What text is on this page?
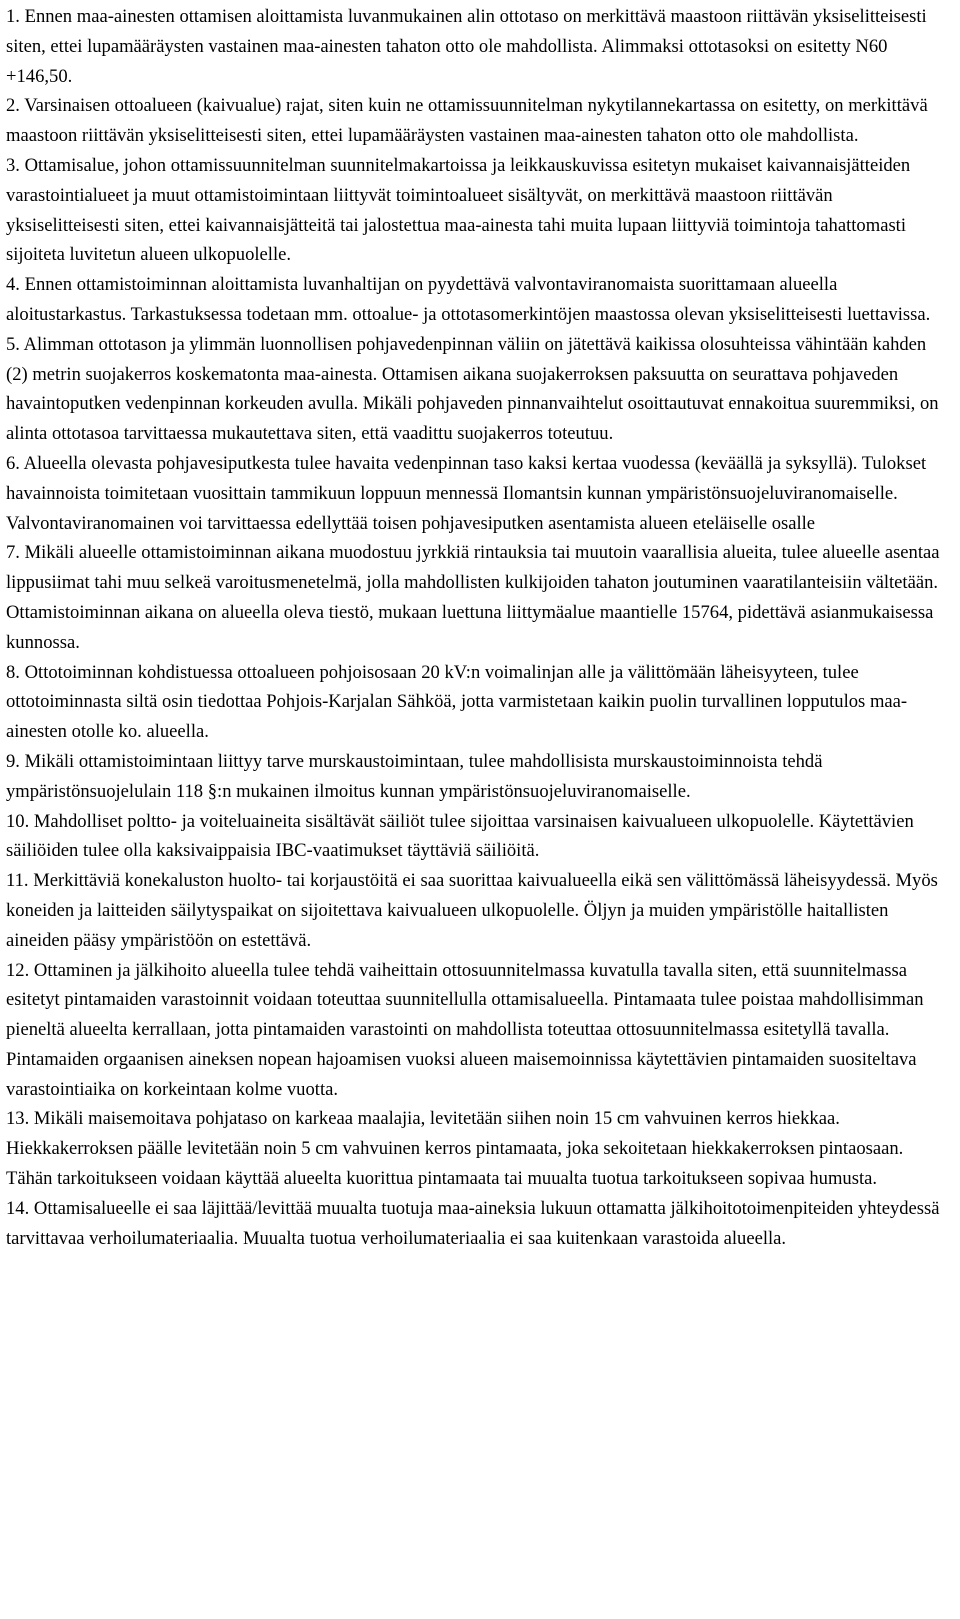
1. Ennen maa-ainesten ottamisen aloittamista luvanmukainen alin ottotaso on merkittävä maastoon riittävän yksiselitteisesti siten, ettei lupamääräysten vastainen maa-ainesten tahaton otto ole mahdollista. Alimmaksi ottotasoksi on esitetty N60 +146,50.

2. Varsinaisen ottoalueen (kaivualue) rajat, siten kuin ne ottamissuunnitelman nykytilannekartassa on esitetty, on merkittävä maastoon riittävän yksiselitteisesti siten, ettei lupamääräysten vastainen maa-ainesten tahaton otto ole mahdollista.

3. Ottamisalue, johon ottamissuunnitelman suunnitelmakartoissa ja leikkauskuvissa esitetyn mukaiset kaivannaisjätteiden varastointialueet ja muut ottamistoimintaan liittyvät toimintoalueet sisältyvät, on merkittävä maastoon riittävän yksiselitteisesti siten, ettei kaivannaisjätteitä tai jalostettua maa-ainesta tahi muita lupaan liittyviä toimintoja tahattomasti sijoiteta luvitetun alueen ulkopuolelle.

4. Ennen ottamistoiminnan aloittamista luvanhaltijan on pyydettävä valvontaviranomaista suorittamaan alueella aloitustarkastus. Tarkastuksessa todetaan mm. ottoalue- ja ottotasomerkintöjen maastossa olevan yksiselitteisesti luettavissa.

5. Alimman ottotason ja ylimmän luonnollisen pohjavedenpinnan väliin on jätettävä kaikissa olosuhteissa vähintään kahden (2) metrin suojakerros koskematonta maa-ainesta. Ottamisen aikana suojakerroksen paksuutta on seurattava pohjaveden havaintoputken vedenpinnan korkeuden avulla. Mikäli pohjaveden pinnanvaihtelut osoittautuvat ennakoitua suuremmiksi, on alinta ottotasoa tarvittaessa mukautettava siten, että vaadittu suojakerros toteutuu.

6. Alueella olevasta pohjavesiputkesta tulee havaita vedenpinnan taso kaksi kertaa vuodessa (keväällä ja syksyllä). Tulokset havainnoista toimitetaan vuosittain tammikuun loppuun mennessä Ilomantsin kunnan ympäristönsuojeluviranomaiselle. Valvontaviranomainen voi tarvittaessa edellyttää toisen pohjavesiputken asentamista alueen eteläiselle osalle

7. Mikäli alueelle ottamistoiminnan aikana muodostuu jyrkkiä rintauksia tai muutoin vaarallisia alueita, tulee alueelle asentaa lippusiimat tahi muu selkeä varoitusmenetelmä, jolla mahdollisten kulkijoiden tahaton joutuminen vaaratilanteisiin vältetään. Ottamistoiminnan aikana on alueella oleva tiestö, mukaan luettuna liittymäalue maantielle 15764, pidettävä asianmukaisessa kunnossa.

8. Ottotoiminnan kohdistuessa ottoalueen pohjoisosaan 20 kV:n voimalinjan alle ja välittömään läheisyyteen, tulee ottotoiminnasta siltä osin tiedottaa Pohjois-Karjalan Sähköä, jotta varmistetaan kaikin puolin turvallinen lopputulos maa-ainesten otolle ko. alueella.

9. Mikäli ottamistoimintaan liittyy tarve murskaustoimintaan, tulee mahdollisista murskaustoiminnoista tehdä ympäristönsuojelulain 118 §:n mukainen ilmoitus kunnan ympäristönsuojeluviranomaiselle.

10. Mahdolliset poltto- ja voiteluaineita sisältävät säiliöt tulee sijoittaa varsinaisen kaivualueen ulkopuolelle. Käytettävien säiliöiden tulee olla kaksivaippaisia IBC-vaatimukset täyttäviä säiliöitä.

11. Merkittäviä konekaluston huolto- tai korjaustöitä ei saa suorittaa kaivualueella eikä sen välittömässä läheisyydessä. Myös koneiden ja laitteiden säilytyspaikat on sijoitettava kaivualueen ulkopuolelle. Öljyn ja muiden ympäristölle haitallisten aineiden pääsy ympäristöön on estettävä.

12. Ottaminen ja jälkihoito alueella tulee tehdä vaiheittain ottosuunnitelmassa kuvatulla tavalla siten, että suunnitelmassa esitetyt pintamaiden varastoinnit voidaan toteuttaa suunnitellulla ottamisalueella. Pintamaata tulee poistaa mahdollisimman pieneltä alueelta kerrallaan, jotta pintamaiden varastointi on mahdollista toteuttaa ottosuunnitelmassa esitetyllä tavalla. Pintamaiden orgaanisen aineksen nopean hajoamisen vuoksi alueen maisemoinnissa käytettävien pintamaiden suositeltava varastointiaika on korkeintaan kolme vuotta.

13. Mikäli maisemoitava pohjataso on karkeaa maalajia, levitetään siihen noin 15 cm vahvuinen kerros hiekkaa. Hiekkakerroksen päälle levitetään noin 5 cm vahvuinen kerros pintamaata, joka sekoitetaan hiekkakerroksen pintaosaan. Tähän tarkoitukseen voidaan käyttää alueelta kuorittua pintamaata tai muualta tuotua tarkoitukseen sopivaa humusta.

14. Ottamisalueelle ei saa läjittää/levittää muualta tuotuja maa-aineksia lukuun ottamatta jälkihoitotoimenpiteiden yhteydessä tarvittavaa verhoilumateriaalia. Muualta tuotua verhoilumateriaalia ei saa kuitenkaan varastoida alueella.
